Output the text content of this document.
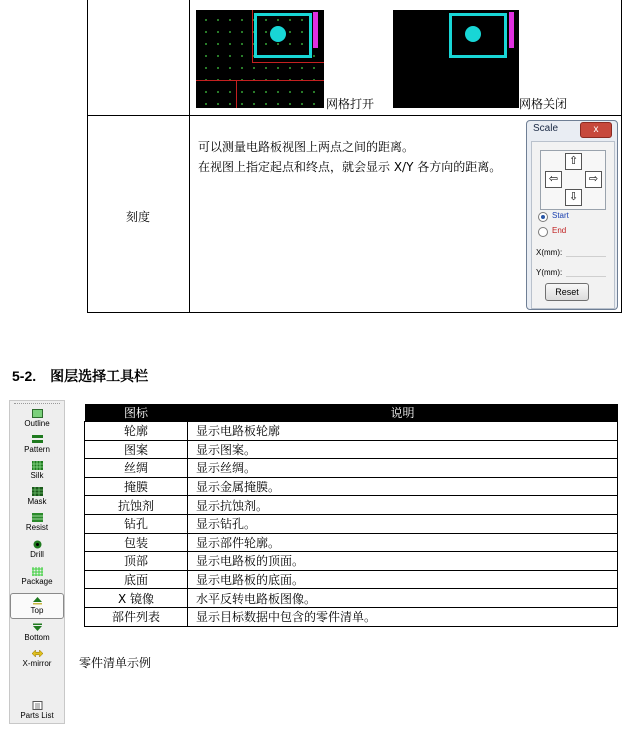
网格打开	网格关闭
刻度
可以测量电路板视图上两点之间的距离。
在视图上指定起点和终点，就会显示 X/Y 各方向的距离。
Scale	x
⇧
⇦	⇨
⇩
Start
End
X(mm):
Y(mm):
Reset
5-2.　图层选择工具栏
Outline
Pattern
Silk
Mask
Resist
Drill
Package
Top
Bottom
X-mirror
Parts List
图标	说明
轮廓	显示电路板轮廓
图案	显示图案。
丝绸	显示丝绸。
掩膜	显示金属掩膜。
抗蚀剂	显示抗蚀剂。
钻孔	显示钻孔。
包装	显示部件轮廓。
顶部	显示电路板的顶面。
底面	显示电路板的底面。
X 镜像	水平反转电路板图像。
部件列表	显示目标数据中包含的零件清单。
零件清单示例
